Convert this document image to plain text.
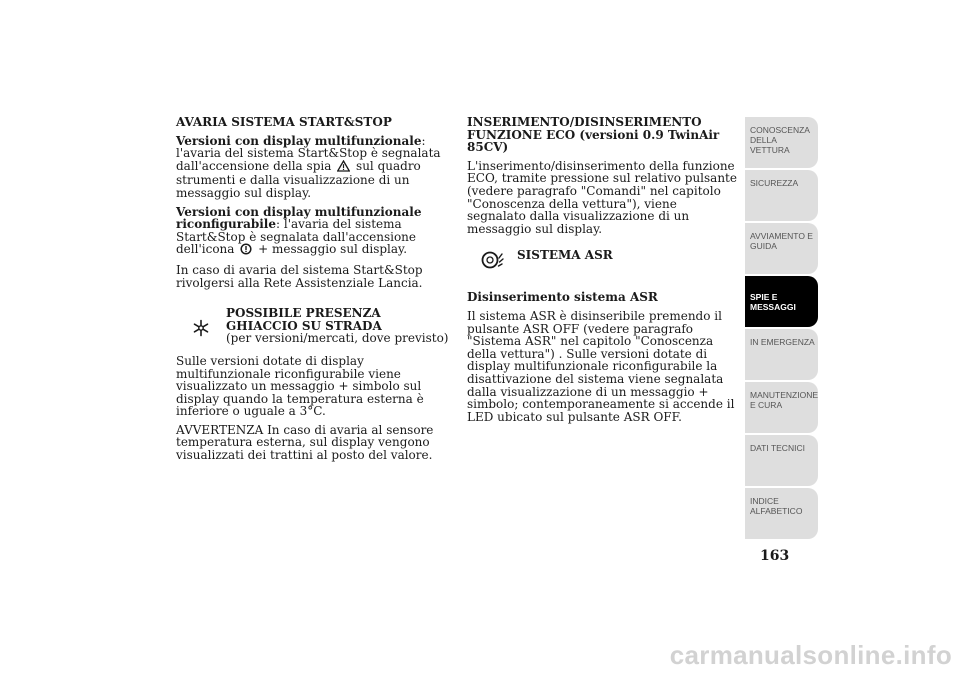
AVARIA SISTEMA START&STOP

Versioni con display multifunzionale: l'avaria del sistema Start&Stop è segnalata dall'accensione della spia sul quadro strumenti e dalla visualizzazione di un messaggio sul display.

Versioni con display multifunzionale riconfigurabile: l'avaria del sistema Start&Stop è segnalata dall'accensione dell'icona + messaggio sul display.

In caso di avaria del sistema Start&Stop rivolgersi alla Rete Assistenziale Lancia.

POSSIBILE PRESENZA GHIACCIO SU STRADA
(per versioni/mercati, dove previsto)

Sulle versioni dotate di display multifunzionale riconfigurabile viene visualizzato un messaggio + simbolo sul display quando la temperatura esterna è inferiore o uguale a 3°C.

AVVERTENZA In caso di avaria al sensore temperatura esterna, sul display vengono visualizzati dei trattini al posto del valore.

INSERIMENTO/DISINSERIMENTO FUNZIONE ECO (versioni 0.9 TwinAir 85CV)

L'inserimento/disinserimento della funzione ECO, tramite pressione sul relativo pulsante (vedere paragrafo "Comandi" nel capitolo "Conoscenza della vettura"), viene segnalato dalla visualizzazione di un messaggio sul display.

SISTEMA ASR

Disinserimento sistema ASR

Il sistema ASR è disinseribile premendo il pulsante ASR OFF (vedere paragrafo "Sistema ASR" nel capitolo "Conoscenza della vettura") . Sulle versioni dotate di display multifunzionale riconfigurabile la disattivazione del sistema viene segnalata dalla visualizzazione di un messaggio + simbolo; contemporaneamente si accende il LED ubicato sul pulsante ASR OFF.

CONOSCENZA DELLA VETTURA
SICUREZZA
AVVIAMENTO E GUIDA
SPIE E MESSAGGI
IN EMERGENZA
MANUTENZIONE E CURA
DATI TECNICI
INDICE ALFABETICO
163
carmanualsonline.info
